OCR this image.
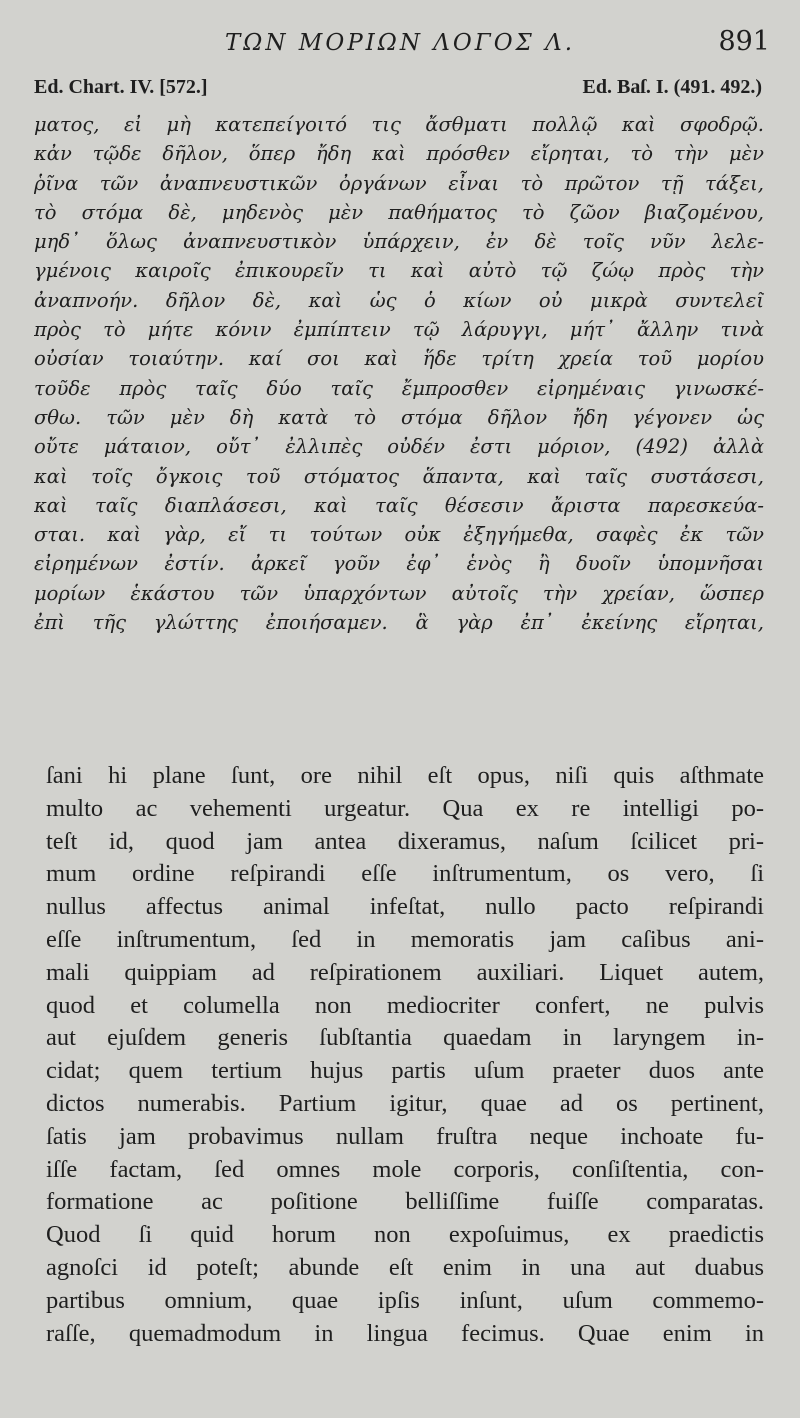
ΤΩΝ ΜΟΡΙΩΝ ΛΟΓΟΣ Λ.	891
Ed. Chart. IV. [572.]	Ed. Baſ. I. (491. 492.)
ματος, εἰ μὴ κατεπείγοιτό τις ἄσθματι πολλῷ καὶ σφοδρῷ.
κἀν τῷδε δῆλον, ὅπερ ἤδη καὶ πρόσθεν εἴρηται, τὸ τὴν μὲν
ῥῖνα τῶν ἀναπνευστικῶν ὀργάνων εἶναι τὸ πρῶτον τῇ τάξει,
τὸ στόμα δὲ, μηδενὸς μὲν παθήματος τὸ ζῶον βιαζομένου,
μηδ᾽ ὅλως ἀναπνευστικὸν ὑπάρχειν, ἐν δὲ τοῖς νῦν λελε-
γμένοις καιροῖς ἐπικουρεῖν τι καὶ αὐτὸ τῷ ζώῳ πρὸς τὴν
ἀναπνοήν. δῆλον δὲ, καὶ ὡς ὁ κίων οὐ μικρὰ συντελεῖ
πρὸς τὸ μήτε κόνιν ἐμπίπτειν τῷ λάρυγγι, μήτ᾽ ἄλλην τινὰ
οὐσίαν τοιαύτην. καί σοι καὶ ἥδε τρίτη χρεία τοῦ μορίου
τοῦδε πρὸς ταῖς δύο ταῖς ἔμπροσθεν εἰρημέναις γινωσκέ-
σθω. τῶν μὲν δὴ κατὰ τὸ στόμα δῆλον ἤδη γέγονεν ὡς
οὔτε μάταιον, οὔτ᾽ ἐλλιπὲς οὐδέν ἐστι μόριον, (492) ἀλλὰ
καὶ τοῖς ὄγκοις τοῦ στόματος ἅπαντα, καὶ ταῖς συστάσεσι,
καὶ ταῖς διαπλάσεσι, καὶ ταῖς θέσεσιν ἄριστα παρεσκεύα-
σται. καὶ γὰρ, εἴ τι τούτων οὐκ ἐξηγήμεθα, σαφὲς ἐκ τῶν
εἰρημένων ἐστίν. ἀρκεῖ γοῦν ἐφ᾽ ἑνὸς ἢ δυοῖν ὑπομνῆσαι
μορίων ἑκάστου τῶν ὑπαρχόντων αὐτοῖς τὴν χρείαν, ὥσπερ
ἐπὶ τῆς γλώττης ἐποιήσαμεν. ἃ γὰρ ἐπ᾽ ἐκείνης εἴρηται,
ſani hi plane ſunt, ore nihil eſt opus, niſi quis aſthmate
multo ac vehementi urgeatur. Qua ex re intelligi po-
teſt id, quod jam antea dixeramus, naſum ſcilicet pri-
mum ordine reſpirandi eſſe inſtrumentum, os vero, ſi
nullus affectus animal infeſtat, nullo pacto reſpirandi
eſſe inſtrumentum, ſed in memoratis jam caſibus ani-
mali quippiam ad reſpirationem auxiliari. Liquet autem,
quod et columella non mediocriter confert, ne pulvis
aut ejuſdem generis ſubſtantia quaedam in laryngem in-
cidat; quem tertium hujus partis uſum praeter duos ante
dictos numerabis. Partium igitur, quae ad os pertinent,
ſatis jam probavimus nullam fruſtra neque inchoate fu-
iſſe factam, ſed omnes mole corporis, conſiſtentia, con-
formatione ac poſitione belliſſime fuiſſe comparatas.
Quod ſi quid horum non expoſuimus, ex praedictis
agnoſci id poteſt; abunde eſt enim in una aut duabus
partibus omnium, quae ipſis inſunt, uſum commemo-
raſſe, quemadmodum in lingua fecimus. Quae enim in
